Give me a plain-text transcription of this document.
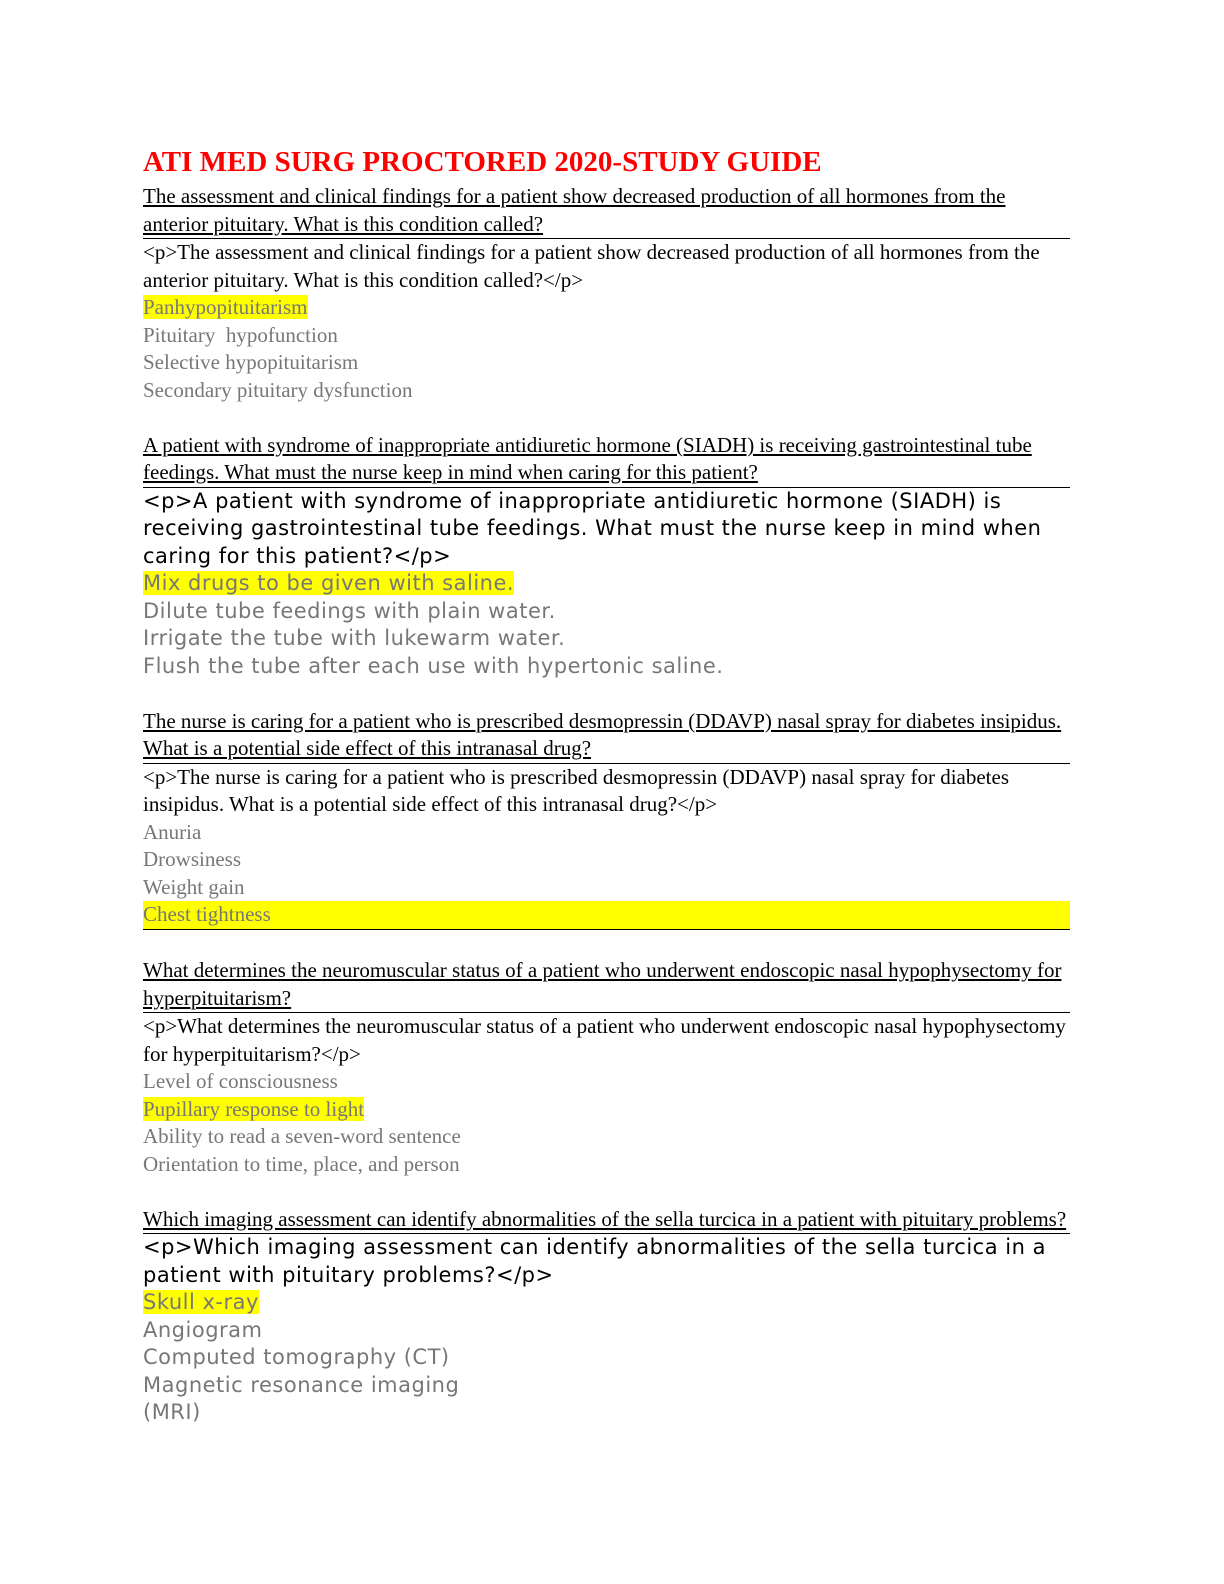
ATI MED SURG PROCTORED 2020-STUDY GUIDE
The assessment and clinical findings for a patient show decreased production of all hormones from the anterior pituitary. What is this condition called?
<p>The assessment and clinical findings for a patient show decreased production of all hormones from the anterior pituitary. What is this condition called?</p>
Panhypopituitarism
Pituitary  hypofunction
Selective hypopituitarism
Secondary pituitary dysfunction
A patient with syndrome of inappropriate antidiuretic hormone (SIADH) is receiving gastrointestinal tube feedings. What must the nurse keep in mind when caring for this patient?
<p>A patient with syndrome of inappropriate antidiuretic hormone (SIADH) is receiving gastrointestinal tube feedings. What must the nurse keep in mind when caring for this patient?</p>
Mix drugs to be given with saline.
Dilute tube feedings with plain water.
Irrigate the tube with lukewarm water.
Flush the tube after each use with hypertonic saline.
The nurse is caring for a patient who is prescribed desmopressin (DDAVP) nasal spray for diabetes insipidus. What is a potential side effect of this intranasal drug?
<p>The nurse is caring for a patient who is prescribed desmopressin (DDAVP) nasal spray for diabetes insipidus. What is a potential side effect of this intranasal drug?</p>
Anuria
Drowsiness
Weight gain
Chest tightness
What determines the neuromuscular status of a patient who underwent endoscopic nasal hypophysectomy for hyperpituitarism?
<p>What determines the neuromuscular status of a patient who underwent endoscopic nasal hypophysectomy for hyperpituitarism?</p>
Level of consciousness
Pupillary response to light
Ability to read a seven-word sentence
Orientation to time, place, and person
Which imaging assessment can identify abnormalities of the sella turcica in a patient with pituitary problems?
<p>Which imaging assessment can identify abnormalities of the sella turcica in a patient with pituitary problems?</p>
Skull x-ray
Angiogram
Computed tomography (CT)
Magnetic resonance imaging (MRI)
